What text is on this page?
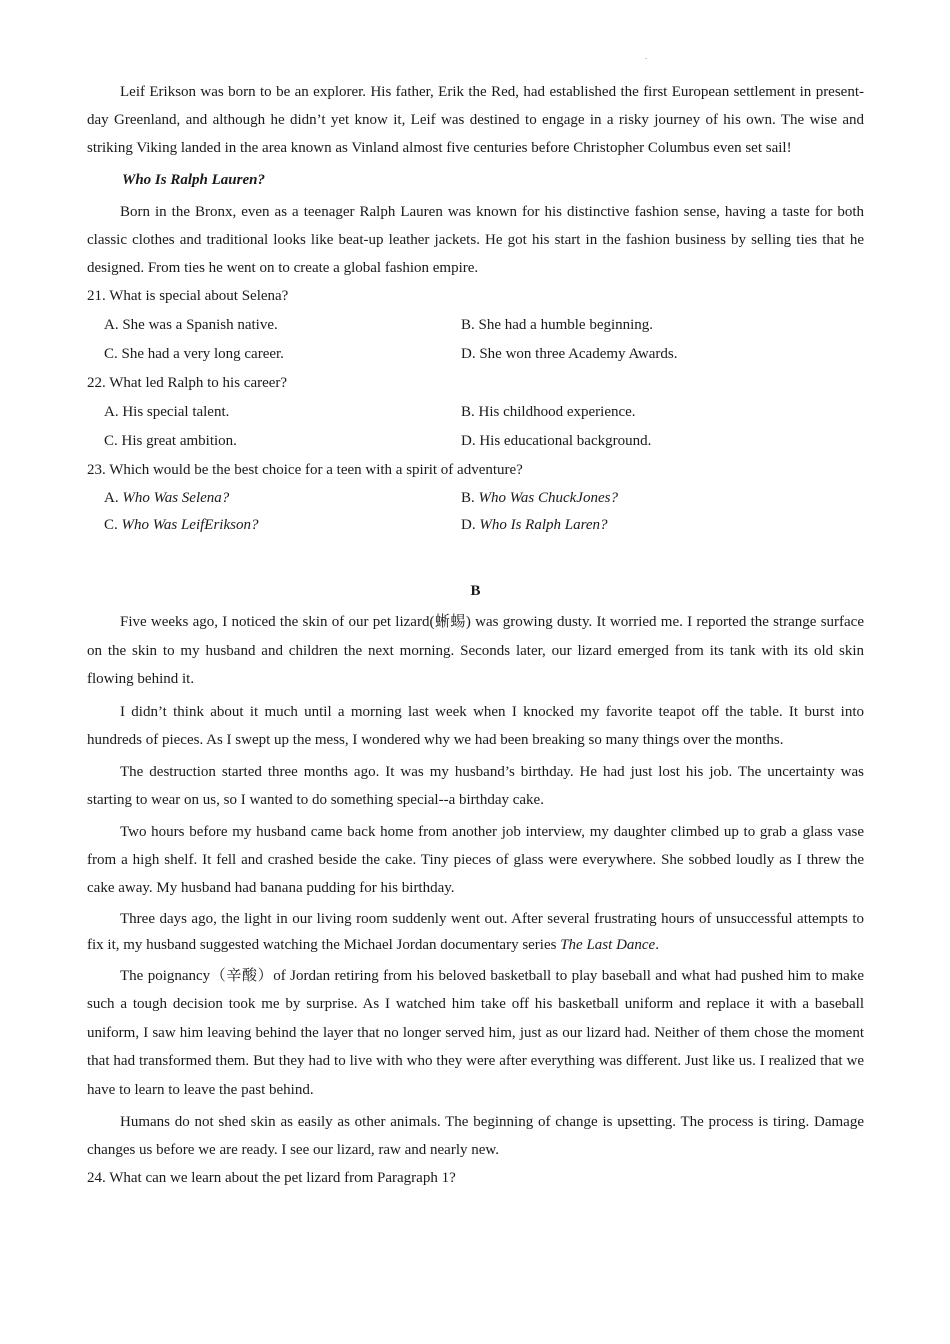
Leif Erikson was born to be an explorer. His father, Erik the Red, had established the first European settlement in present-day Greenland, and although he didn’t yet know it, Leif was destined to engage in a risky journey of his own. The wise and striking Viking landed in the area known as Vinland almost five centuries before Christopher Columbus even set sail!

Who Is Ralph Lauren?

Born in the Bronx, even as a teenager Ralph Lauren was known for his distinctive fashion sense, having a taste for both classic clothes and traditional looks like beat-up leather jackets. He got his start in the fashion business by selling ties that he designed. From ties he went on to create a global fashion empire.

21. What is special about Selena?
A. She was a Spanish native.	B. She had a humble beginning.
C. She had a very long career.	D. She won three Academy Awards.
22. What led Ralph to his career?
A. His special talent.	B. His childhood experience.
C. His great ambition.	D. His educational background.
23. Which would be the best choice for a teen with a spirit of adventure?
A. Who Was Selena?	B. Who Was ChuckJones?
C. Who Was LeifErikson?	D. Who Is Ralph Laren?
B

Five weeks ago, I noticed the skin of our pet lizard(蜥蜴) was growing dusty. It worried me. I reported the strange surface on the skin to my husband and children the next morning. Seconds later, our lizard emerged from its tank with its old skin flowing behind it.

I didn’t think about it much until a morning last week when I knocked my favorite teapot off the table. It burst into hundreds of pieces. As I swept up the mess, I wondered why we had been breaking so many things over the months.

The destruction started three months ago. It was my husband’s birthday. He had just lost his job. The uncertainty was starting to wear on us, so I wanted to do something special--a birthday cake.

Two hours before my husband came back home from another job interview, my daughter climbed up to grab a glass vase from a high shelf. It fell and crashed beside the cake. Tiny pieces of glass were everywhere. She sobbed loudly as I threw the cake away. My husband had banana pudding for his birthday.

Three days ago, the light in our living room suddenly went out. After several frustrating hours of unsuccessful attempts to fix it, my husband suggested watching the Michael Jordan documentary series The Last Dance.

The poignancy（辛酸）of Jordan retiring from his beloved basketball to play baseball and what had pushed him to make such a tough decision took me by surprise. As I watched him take off his basketball uniform and replace it with a baseball uniform, I saw him leaving behind the layer that no longer served him, just as our lizard had. Neither of them chose the moment that had transformed them. But they had to live with who they were after everything was different. Just like us. I realized that we have to learn to leave the past behind.

Humans do not shed skin as easily as other animals. The beginning of change is upsetting. The process is tiring. Damage changes us before we are ready. I see our lizard, raw and nearly new.

24. What can we learn about the pet lizard from Paragraph 1?
